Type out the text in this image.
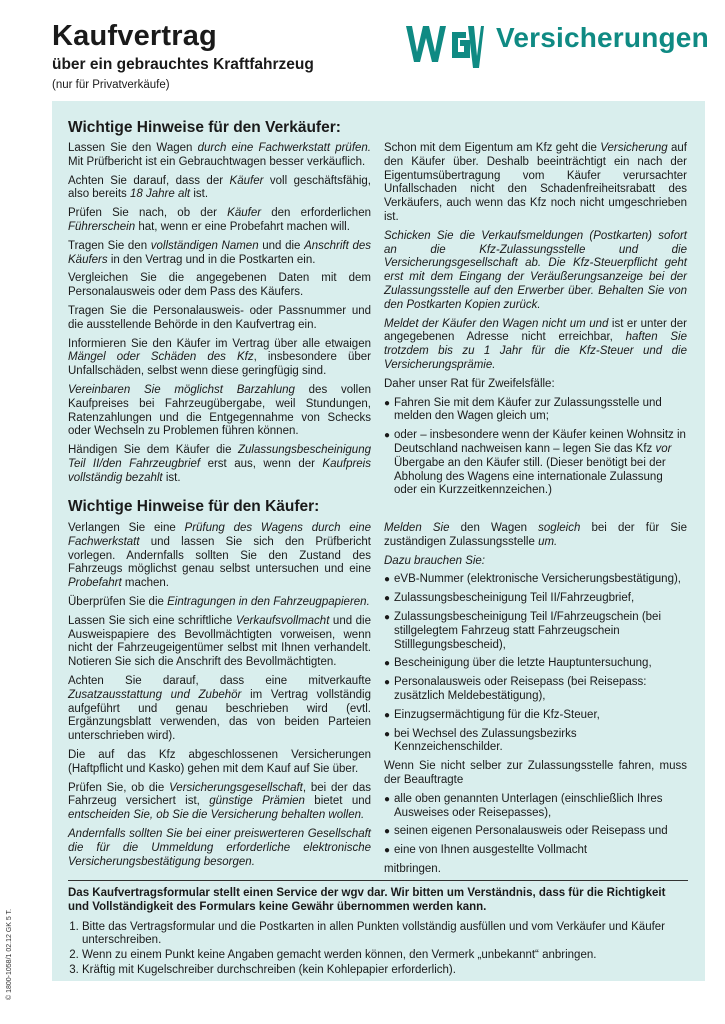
Kaufvertrag
über ein gebrauchtes Kraftfahrzeug
(nur für Privatverkäufe)
Versicherungen
Wichtige Hinweise für den Verkäufer:

Lassen Sie den Wagen durch eine Fachwerkstatt prüfen. Mit Prüfbericht ist ein Gebrauchtwagen besser verkäuflich.

Achten Sie darauf, dass der Käufer voll geschäftsfähig, also bereits 18 Jahre alt ist.

Prüfen Sie nach, ob der Käufer den erforderlichen Führerschein hat, wenn er eine Probefahrt machen will.

Tragen Sie den vollständigen Namen und die Anschrift des Käufers in den Vertrag und in die Postkarten ein.

Vergleichen Sie die angegebenen Daten mit dem Personalausweis oder dem Pass des Käufers.

Tragen Sie die Personalausweis- oder Passnummer und die ausstellende Behörde in den Kaufvertrag ein.

Informieren Sie den Käufer im Vertrag über alle etwaigen Mängel oder Schäden des Kfz, insbesondere über Unfallschäden, selbst wenn diese geringfügig sind.

Vereinbaren Sie möglichst Barzahlung des vollen Kaufpreises bei Fahrzeugübergabe, weil Stundungen, Ratenzahlungen und die Entgegennahme von Schecks oder Wechseln zu Problemen führen können.

Händigen Sie dem Käufer die Zulassungsbescheinigung Teil II/den Fahrzeugbrief erst aus, wenn der Kaufpreis vollständig bezahlt ist.

Schon mit dem Eigentum am Kfz geht die Versicherung auf den Käufer über. Deshalb beeinträchtigt ein nach der Eigentumsübertragung vom Käufer verursachter Unfallschaden nicht den Schadenfreiheitsrabatt des Verkäufers, auch wenn das Kfz noch nicht umgeschrieben ist.

Schicken Sie die Verkaufsmeldungen (Postkarten) sofort an die Kfz-Zulassungsstelle und die Versicherungsgesellschaft ab. Die Kfz-Steuerpflicht geht erst mit dem Eingang der Veräußerungsanzeige bei der Zulassungsstelle auf den Erwerber über. Behalten Sie von den Postkarten Kopien zurück.

Meldet der Käufer den Wagen nicht um und ist er unter der angegebenen Adresse nicht erreichbar, haften Sie trotzdem bis zu 1 Jahr für die Kfz-Steuer und die Versicherungsprämie.

Daher unser Rat für Zweifelsfälle:

● Fahren Sie mit dem Käufer zur Zulassungsstelle und melden den Wagen gleich um;
● oder – insbesondere wenn der Käufer keinen Wohnsitz in Deutschland nachweisen kann – legen Sie das Kfz vor Übergabe an den Käufer still. (Dieser benötigt bei der Abholung des Wagens eine internationale Zulassung oder ein Kurzzeitkennzeichen.)
Wichtige Hinweise für den Käufer:

Verlangen Sie eine Prüfung des Wagens durch eine Fachwerkstatt und lassen Sie sich den Prüfbericht vorlegen. Andernfalls sollten Sie den Zustand des Fahrzeugs möglichst genau selbst untersuchen und eine Probefahrt machen.

Überprüfen Sie die Eintragungen in den Fahrzeugpapieren.

Lassen Sie sich eine schriftliche Verkaufsvollmacht und die Ausweispapiere des Bevollmächtigten vorweisen, wenn nicht der Fahrzeugeigentümer selbst mit Ihnen verhandelt. Notieren Sie sich die Anschrift des Bevollmächtigten.

Achten Sie darauf, dass eine mitverkaufte Zusatzausstattung und Zubehör im Vertrag vollständig aufgeführt und genau beschrieben wird (evtl. Ergänzungsblatt verwenden, das von beiden Parteien unterschrieben wird).

Die auf das Kfz abgeschlossenen Versicherungen (Haftpflicht und Kasko) gehen mit dem Kauf auf Sie über.

Prüfen Sie, ob die Versicherungsgesellschaft, bei der das Fahrzeug versichert ist, günstige Prämien bietet und entscheiden Sie, ob Sie die Versicherung behalten wollen.

Andernfalls sollten Sie bei einer preiswerteren Gesellschaft die für die Ummeldung erforderliche elektronische Versicherungsbestätigung besorgen.

Melden Sie den Wagen sogleich bei der für Sie zuständigen Zulassungsstelle um.

Dazu brauchen Sie:

● eVB-Nummer (elektronische Versicherungsbestätigung),
● Zulassungsbescheinigung Teil II/Fahrzeugbrief,
● Zulassungsbescheinigung Teil I/Fahrzeugschein (bei stillgelegtem Fahrzeug statt Fahrzeugschein Stilllegungsbescheid),
● Bescheinigung über die letzte Hauptuntersuchung,
● Personalausweis oder Reisepass (bei Reisepass: zusätzlich Meldebestätigung),
● Einzugsermächtigung für die Kfz-Steuer,
● bei Wechsel des Zulassungsbezirks Kennzeichenschilder.

Wenn Sie nicht selber zur Zulassungsstelle fahren, muss der Beauftragte

● alle oben genannten Unterlagen (einschließlich Ihres Ausweises oder Reisepasses),
● seinen eigenen Personalausweis oder Reisepass und
● eine von Ihnen ausgestellte Vollmacht

mitbringen.

Das Kaufvertragsformular stellt einen Service der wgv dar. Wir bitten um Verständnis, dass für die Richtigkeit und Vollständigkeit des Formulars keine Gewähr übernommen werden kann.
1. Bitte das Vertragsformular und die Postkarten in allen Punkten vollständig ausfüllen und vom Verkäufer und Käufer unterschreiben.
2. Wenn zu einem Punkt keine Angaben gemacht werden können, den Vermerk „unbekannt“ anbringen.
3. Kräftig mit Kugelschreiber durchschreiben (kein Kohlepapier erforderlich).
© 1800-1058/1 02.12 GK 5 T.
